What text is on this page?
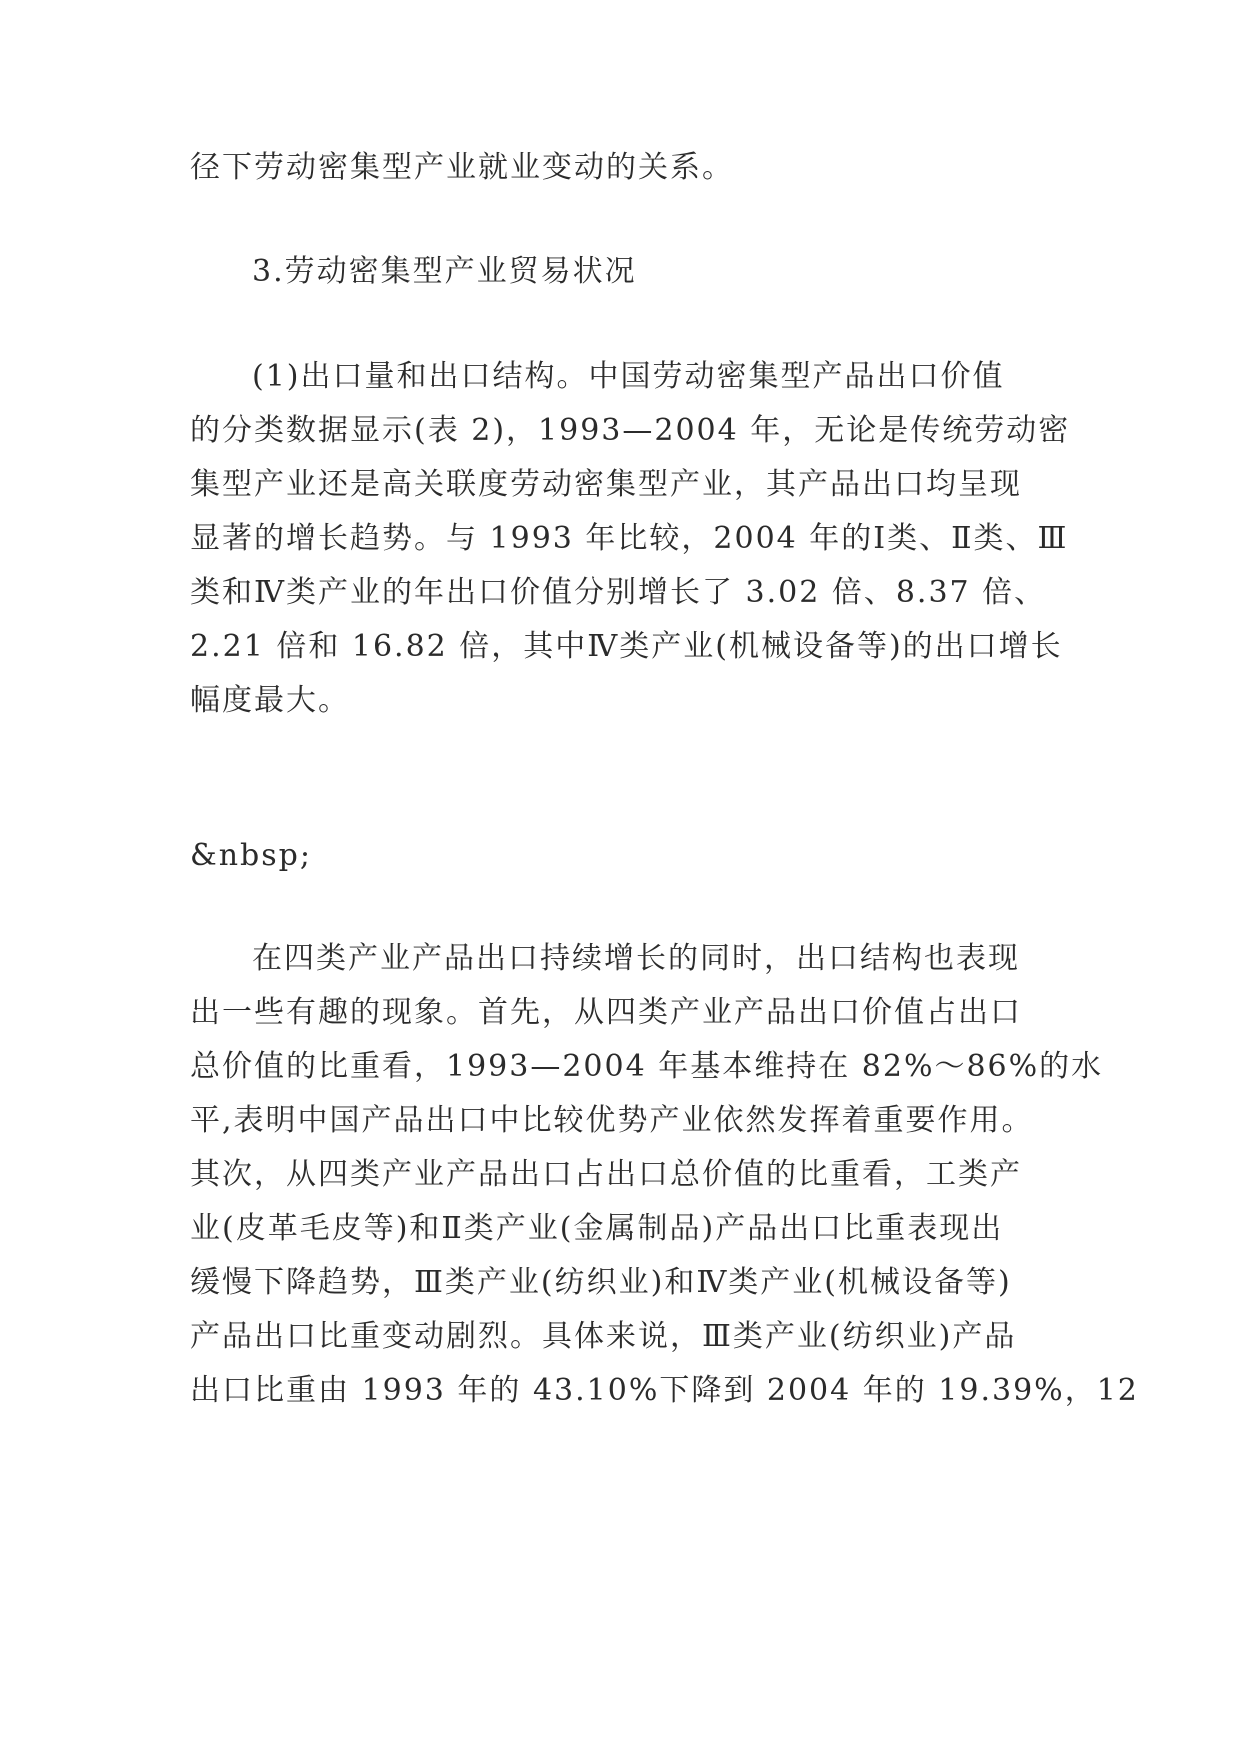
径下劳动密集型产业就业变动的关系。
3.劳动密集型产业贸易状况
(1)出口量和出口结构。中国劳动密集型产品出口价值
的分类数据显示(表 2)，1993—2004 年，无论是传统劳动密
集型产业还是高关联度劳动密集型产业，其产品出口均呈现
显著的增长趋势。与 1993 年比较，2004 年的Ⅰ类、Ⅱ类、Ⅲ
类和Ⅳ类产业的年出口价值分别增长了 3.02 倍、8.37 倍、
2.21 倍和 16.82 倍，其中Ⅳ类产业(机械设备等)的出口增长
幅度最大。
&nbsp;
在四类产业产品出口持续增长的同时，出口结构也表现
出一些有趣的现象。首先，从四类产业产品出口价值占出口
总价值的比重看，1993—2004 年基本维持在 82%～86%的水
平,表明中国产品出口中比较优势产业依然发挥着重要作用。
其次，从四类产业产品出口占出口总价值的比重看，工类产
业(皮革毛皮等)和Ⅱ类产业(金属制品)产品出口比重表现出
缓慢下降趋势，Ⅲ类产业(纺织业)和Ⅳ类产业(机械设备等)
产品出口比重变动剧烈。具体来说，Ⅲ类产业(纺织业)产品
出口比重由 1993 年的 43.10%下降到 2004 年的 19.39%，12
